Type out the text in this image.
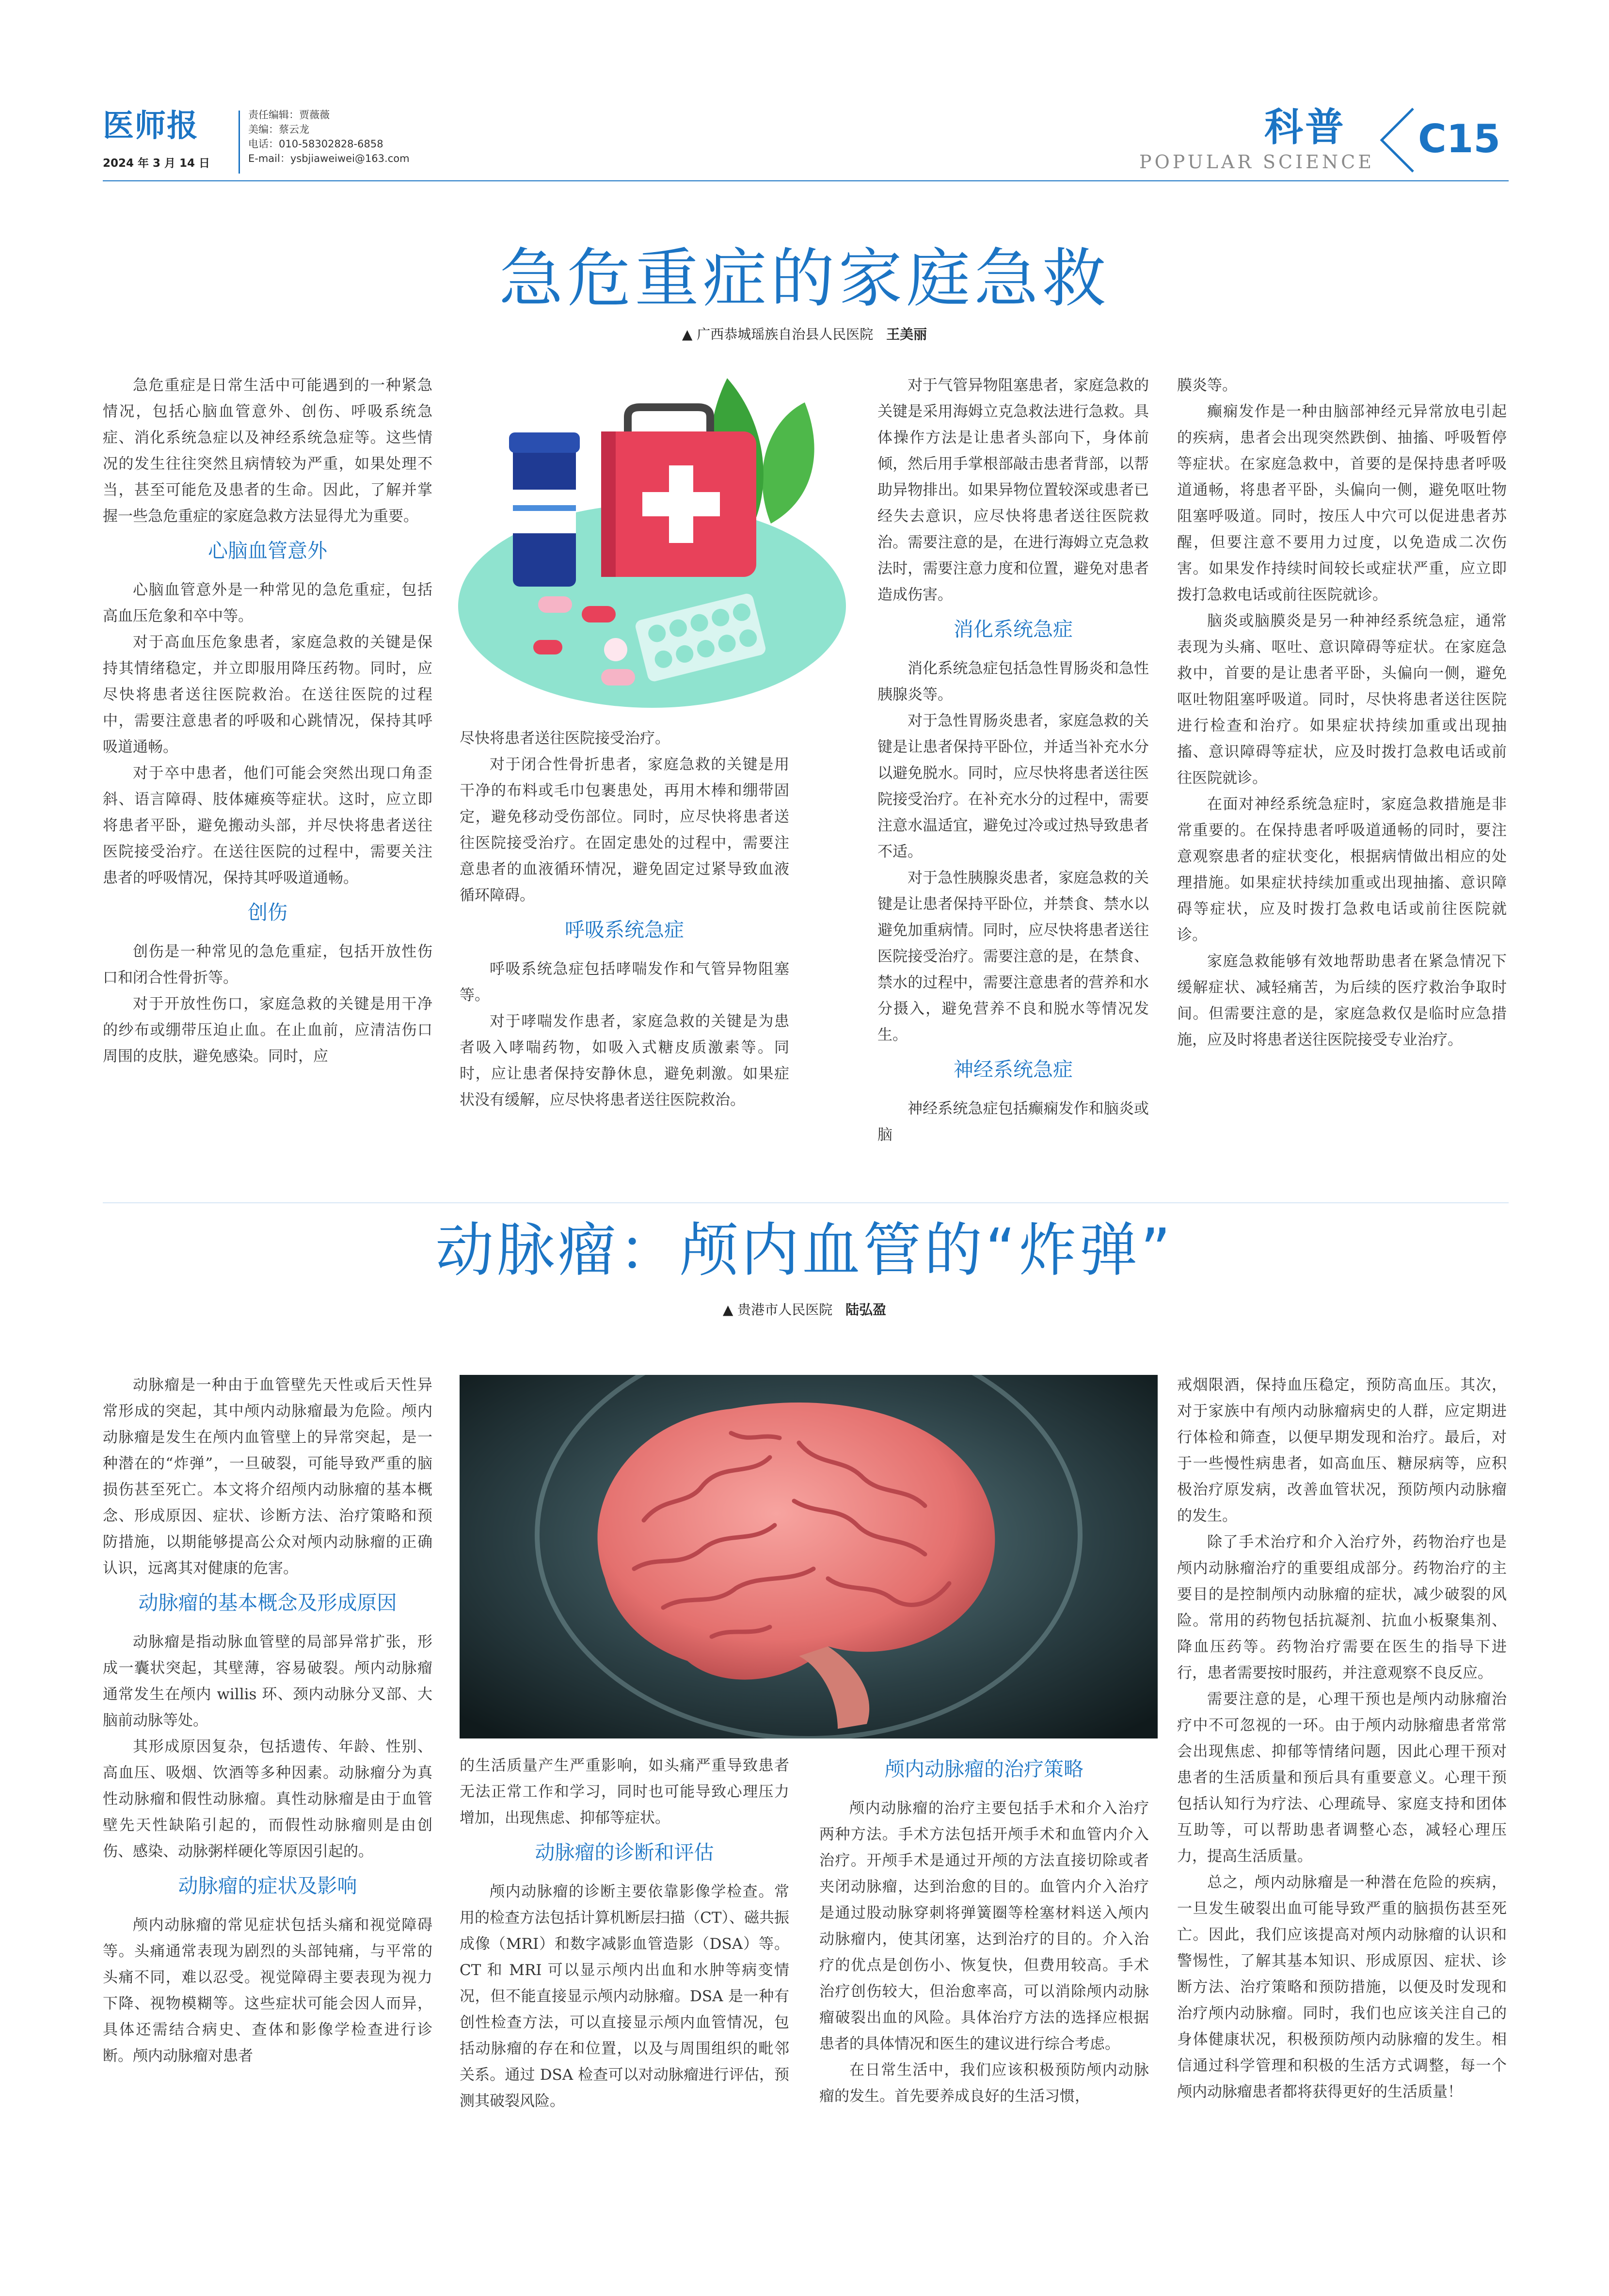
医师报
2024 年 3 月 14 日
责任编辑：贾薇薇
美编：蔡云龙
电话：010-58302828-6858
E-mail：ysbjiaweiwei@163.com
科普
POPULAR SCIENCE
C15
急危重症的家庭急救
▲ 广西恭城瑶族自治县人民医院 王美丽

急危重症是日常生活中可能遇到的一种紧急情况，包括心脑血管意外、创伤、呼吸系统急症、消化系统急症以及神经系统急症等。这些情况的发生往往突然且病情较为严重，如果处理不当，甚至可能危及患者的生命。因此，了解并掌握一些急危重症的家庭急救方法显得尤为重要。

心脑血管意外

心脑血管意外是一种常见的急危重症，包括高血压危象和卒中等。

对于高血压危象患者，家庭急救的关键是保持其情绪稳定，并立即服用降压药物。同时，应尽快将患者送往医院救治。在送往医院的过程中，需要注意患者的呼吸和心跳情况，保持其呼吸道通畅。

对于卒中患者，他们可能会突然出现口角歪斜、语言障碍、肢体瘫痪等症状。这时，应立即将患者平卧，避免搬动头部，并尽快将患者送往医院接受治疗。在送往医院的过程中，需要关注患者的呼吸情况，保持其呼吸道通畅。

创伤

创伤是一种常见的急危重症，包括开放性伤口和闭合性骨折等。

对于开放性伤口，家庭急救的关键是用干净的纱布或绷带压迫止血。在止血前，应清洁伤口周围的皮肤，避免感染。同时，应

尽快将患者送往医院接受治疗。

对于闭合性骨折患者，家庭急救的关键是用干净的布料或毛巾包裹患处，再用木棒和绷带固定，避免移动受伤部位。同时，应尽快将患者送往医院接受治疗。在固定患处的过程中，需要注意患者的血液循环情况，避免固定过紧导致血液循环障碍。

呼吸系统急症

呼吸系统急症包括哮喘发作和气管异物阻塞等。

对于哮喘发作患者，家庭急救的关键是为患者吸入哮喘药物，如吸入式糖皮质激素等。同时，应让患者保持安静休息，避免刺激。如果症状没有缓解，应尽快将患者送往医院救治。

对于气管异物阻塞患者，家庭急救的关键是采用海姆立克急救法进行急救。具体操作方法是让患者头部向下，身体前倾，然后用手掌根部敲击患者背部，以帮助异物排出。如果异物位置较深或患者已经失去意识，应尽快将患者送往医院救治。需要注意的是，在进行海姆立克急救法时，需要注意力度和位置，避免对患者造成伤害。

消化系统急症

消化系统急症包括急性胃肠炎和急性胰腺炎等。

对于急性胃肠炎患者，家庭急救的关键是让患者保持平卧位，并适当补充水分以避免脱水。同时，应尽快将患者送往医院接受治疗。在补充水分的过程中，需要注意水温适宜，避免过冷或过热导致患者不适。

对于急性胰腺炎患者，家庭急救的关键是让患者保持平卧位，并禁食、禁水以避免加重病情。同时，应尽快将患者送往医院接受治疗。需要注意的是，在禁食、禁水的过程中，需要注意患者的营养和水分摄入，避免营养不良和脱水等情况发生。

神经系统急症

神经系统急症包括癫痫发作和脑炎或脑

膜炎等。

癫痫发作是一种由脑部神经元异常放电引起的疾病，患者会出现突然跌倒、抽搐、呼吸暂停等症状。在家庭急救中，首要的是保持患者呼吸道通畅，将患者平卧，头偏向一侧，避免呕吐物阻塞呼吸道。同时，按压人中穴可以促进患者苏醒，但要注意不要用力过度，以免造成二次伤害。如果发作持续时间较长或症状严重，应立即拨打急救电话或前往医院就诊。

脑炎或脑膜炎是另一种神经系统急症，通常表现为头痛、呕吐、意识障碍等症状。在家庭急救中，首要的是让患者平卧，头偏向一侧，避免呕吐物阻塞呼吸道。同时，尽快将患者送往医院进行检查和治疗。如果症状持续加重或出现抽搐、意识障碍等症状，应及时拨打急救电话或前往医院就诊。

在面对神经系统急症时，家庭急救措施是非常重要的。在保持患者呼吸道通畅的同时，要注意观察患者的症状变化，根据病情做出相应的处理措施。如果症状持续加重或出现抽搐、意识障碍等症状，应及时拨打急救电话或前往医院就诊。

家庭急救能够有效地帮助患者在紧急情况下缓解症状、减轻痛苦，为后续的医疗救治争取时间。但需要注意的是，家庭急救仅是临时应急措施，应及时将患者送往医院接受专业治疗。

动脉瘤：颅内血管的“炸弹”
▲ 贵港市人民医院 陆弘盈

动脉瘤是一种由于血管壁先天性或后天性异常形成的突起，其中颅内动脉瘤最为危险。颅内动脉瘤是发生在颅内血管壁上的异常突起，是一种潜在的“炸弹”，一旦破裂，可能导致严重的脑损伤甚至死亡。本文将介绍颅内动脉瘤的基本概念、形成原因、症状、诊断方法、治疗策略和预防措施，以期能够提高公众对颅内动脉瘤的正确认识，远离其对健康的危害。

动脉瘤的基本概念及形成原因

动脉瘤是指动脉血管壁的局部异常扩张，形成一囊状突起，其壁薄，容易破裂。颅内动脉瘤通常发生在颅内 willis 环、颈内动脉分叉部、大脑前动脉等处。

其形成原因复杂，包括遗传、年龄、性别、高血压、吸烟、饮酒等多种因素。动脉瘤分为真性动脉瘤和假性动脉瘤。真性动脉瘤是由于血管壁先天性缺陷引起的，而假性动脉瘤则是由创伤、感染、动脉粥样硬化等原因引起的。

动脉瘤的症状及影响

颅内动脉瘤的常见症状包括头痛和视觉障碍等。头痛通常表现为剧烈的头部钝痛，与平常的头痛不同，难以忍受。视觉障碍主要表现为视力下降、视物模糊等。这些症状可能会因人而异，具体还需结合病史、查体和影像学检查进行诊断。颅内动脉瘤对患者

的生活质量产生严重影响，如头痛严重导致患者无法正常工作和学习，同时也可能导致心理压力增加，出现焦虑、抑郁等症状。

动脉瘤的诊断和评估

颅内动脉瘤的诊断主要依靠影像学检查。常用的检查方法包括计算机断层扫描（CT）、磁共振成像（MRI）和数字减影血管造影（DSA）等。CT 和 MRI 可以显示颅内出血和水肿等病变情况，但不能直接显示颅内动脉瘤。DSA 是一种有创性检查方法，可以直接显示颅内血管情况，包括动脉瘤的存在和位置，以及与周围组织的毗邻关系。通过 DSA 检查可以对动脉瘤进行评估，预测其破裂风险。

颅内动脉瘤的治疗策略

颅内动脉瘤的治疗主要包括手术和介入治疗两种方法。手术方法包括开颅手术和血管内介入治疗。开颅手术是通过开颅的方法直接切除或者夹闭动脉瘤，达到治愈的目的。血管内介入治疗是通过股动脉穿刺将弹簧圈等栓塞材料送入颅内动脉瘤内，使其闭塞，达到治疗的目的。介入治疗的优点是创伤小、恢复快，但费用较高。手术治疗创伤较大，但治愈率高，可以消除颅内动脉瘤破裂出血的风险。具体治疗方法的选择应根据患者的具体情况和医生的建议进行综合考虑。

在日常生活中，我们应该积极预防颅内动脉瘤的发生。首先要养成良好的生活习惯，

戒烟限酒，保持血压稳定，预防高血压。其次，对于家族中有颅内动脉瘤病史的人群，应定期进行体检和筛查，以便早期发现和治疗。最后，对于一些慢性病患者，如高血压、糖尿病等，应积极治疗原发病，改善血管状况，预防颅内动脉瘤的发生。

除了手术治疗和介入治疗外，药物治疗也是颅内动脉瘤治疗的重要组成部分。药物治疗的主要目的是控制颅内动脉瘤的症状，减少破裂的风险。常用的药物包括抗凝剂、抗血小板聚集剂、降血压药等。药物治疗需要在医生的指导下进行，患者需要按时服药，并注意观察不良反应。

需要注意的是，心理干预也是颅内动脉瘤治疗中不可忽视的一环。由于颅内动脉瘤患者常常会出现焦虑、抑郁等情绪问题，因此心理干预对患者的生活质量和预后具有重要意义。心理干预包括认知行为疗法、心理疏导、家庭支持和团体互助等，可以帮助患者调整心态，减轻心理压力，提高生活质量。

总之，颅内动脉瘤是一种潜在危险的疾病，一旦发生破裂出血可能导致严重的脑损伤甚至死亡。因此，我们应该提高对颅内动脉瘤的认识和警惕性，了解其基本知识、形成原因、症状、诊断方法、治疗策略和预防措施，以便及时发现和治疗颅内动脉瘤。同时，我们也应该关注自己的身体健康状况，积极预防颅内动脉瘤的发生。相信通过科学管理和积极的生活方式调整，每一个颅内动脉瘤患者都将获得更好的生活质量！
